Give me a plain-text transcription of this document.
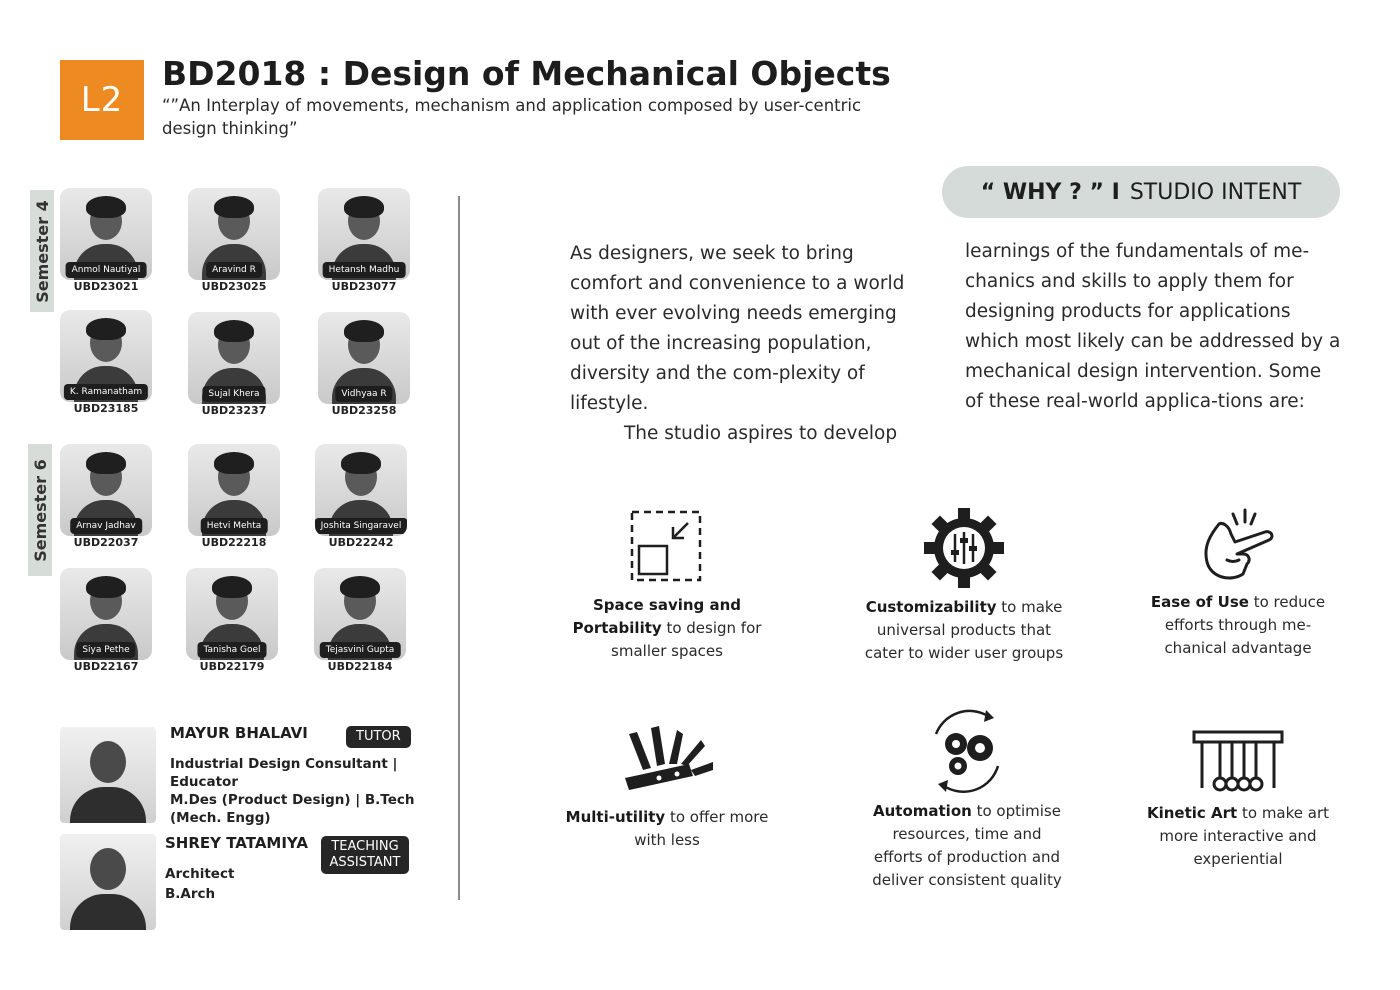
L2
BD2018 : Design of Mechanical Objects
“”An Interplay of movements, mechanism and application composed by user-centric design thinking”
Semester 4
Semester 6
Anmol Nautiyal
UBD23021
Aravind R
UBD23025
Hetansh Madhu
UBD23077
K. Ramanatham
UBD23185
Sujal Khera
UBD23237
Vidhyaa R
UBD23258
Arnav Jadhav
UBD22037
Hetvi Mehta
UBD22218
Joshita Singaravel
UBD22242
Siya Pethe
UBD22167
Tanisha Goel
UBD22179
Tejasvini Gupta
UBD22184
MAYUR BHALAVI	TUTOR
Industrial Design Consultant | Educator
M.Des (Product Design) | B.Tech (Mech. Engg)
SHREY TATAMIYA	TEACHING ASSISTANT
Architect
B.Arch
“ WHY ? ” I STUDIO INTENT

As designers, we seek to bring comfort and convenience to a world with ever evolving needs emerging out of the increasing population, diversity and the com-plexity of lifestyle.

The studio aspires to develop

learnings of the fundamentals of me-chanics and skills to apply them for designing products for applications which most likely can be addressed by a mechanical design intervention. Some of these real-world applica-tions are:

Space saving and Portability to design for smaller spaces
Customizability to make universal products that cater to wider user groups
Ease of Use to reduce efforts through me-chanical advantage
Multi-utility to offer more with less
Automation to optimise resources, time and efforts of production and deliver consistent quality
Kinetic Art to make art more interactive and experiential
